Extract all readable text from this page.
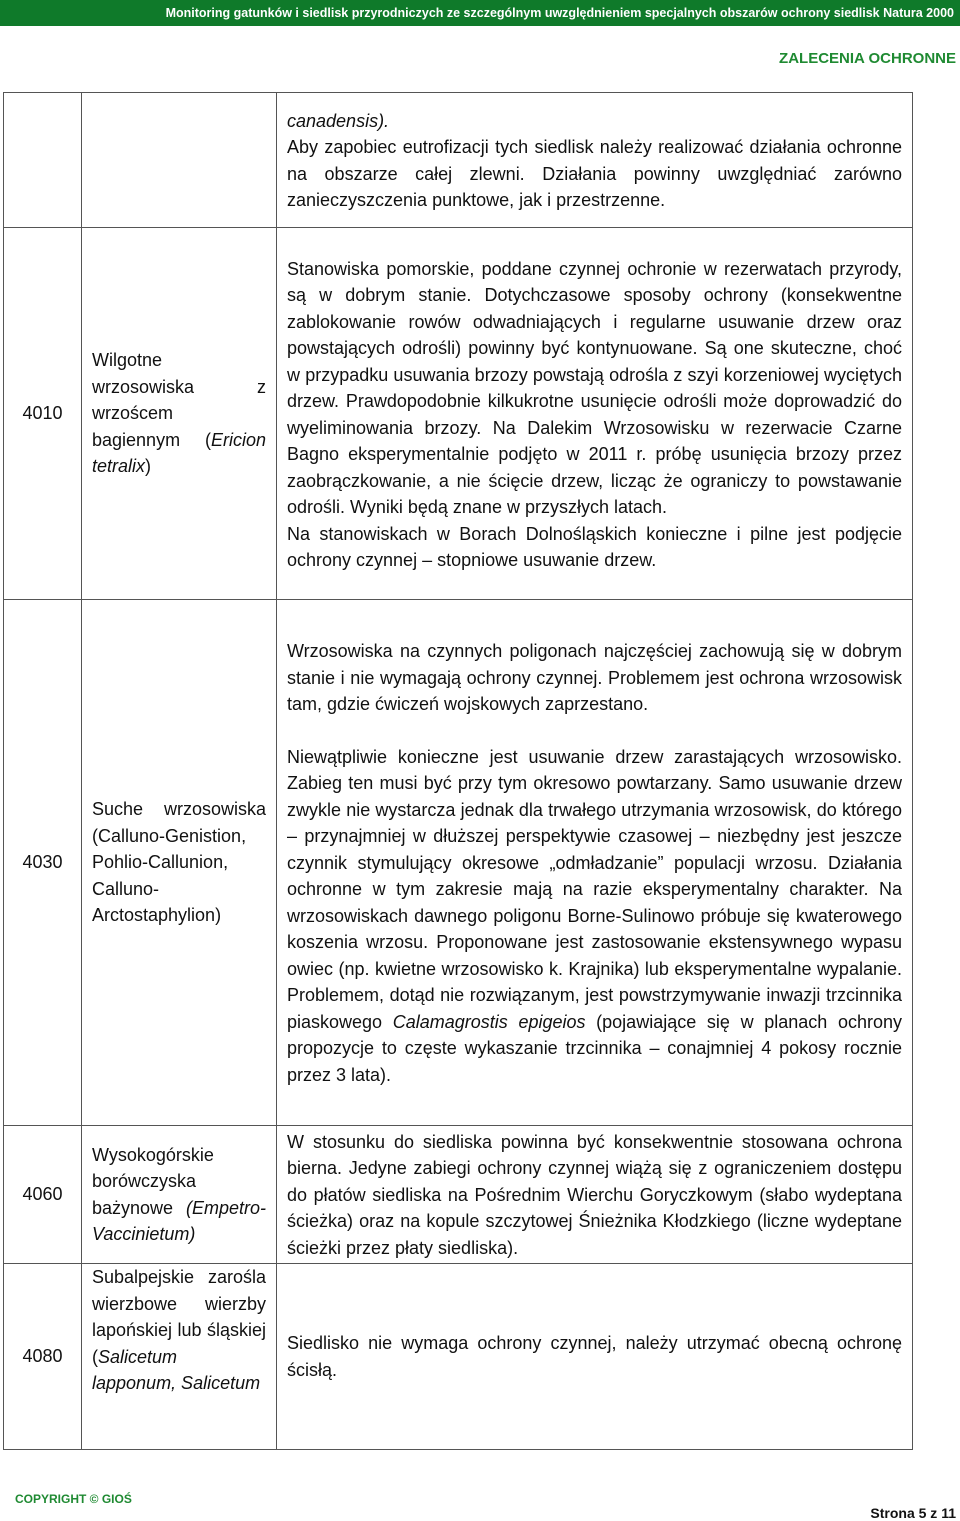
Monitoring gatunków i siedlisk przyrodniczych ze szczególnym uwzględnieniem specjalnych obszarów ochrony siedlisk Natura 2000
ZALECENIA OCHRONNE

		canadensis).

Aby zapobiec eutrofizacji tych siedlisk należy realizować działania ochronne na obszarze całej zlewni. Działania powinny uwzględniać zarówno zanieczyszczenia punktowe, jak i przestrzenne.

4010	Wilgotne wrzosowiska z wrzoścem bagiennym (Ericion tetralix)	Stanowiska pomorskie, poddane czynnej ochronie w rezerwatach przyrody, są w dobrym stanie. Dotychczasowe sposoby ochrony (konsekwentne zablokowanie rowów odwadniających i regularne usuwanie drzew oraz powstających odrośli) powinny być kontynuowane. Są one skuteczne, choć w przypadku usuwania brzozy powstają odrośla z szyi korzeniowej wyciętych drzew. Prawdopodobnie kilkukrotne usunięcie odrośli może doprowadzić do wyeliminowania brzozy. Na Dalekim Wrzosowisku w rezerwacie Czarne Bagno eksperymentalnie podjęto w 2011 r. próbę usunięcia brzozy przez zaobrączkowanie, a nie ścięcie drzew, licząc że ograniczy to powstawanie odrośli. Wyniki będą znane w przyszłych latach.

Na stanowiskach w Borach Dolnośląskich konieczne i pilne jest podjęcie ochrony czynnej – stopniowe usuwanie drzew.

4030	Suche wrzosowiska (Calluno-Genistion, Pohlio-Callunion, Calluno-Arctostaphylion)	Wrzosowiska na czynnych poligonach najczęściej zachowują się w dobrym stanie i nie wymagają ochrony czynnej. Problemem jest ochrona wrzosowisk tam, gdzie ćwiczeń wojskowych zaprzestano.

Niewątpliwie konieczne jest usuwanie drzew zarastających wrzosowisko. Zabieg ten musi być przy tym okresowo powtarzany. Samo usuwanie drzew zwykle nie wystarcza jednak dla trwałego utrzymania wrzosowisk, do którego – przynajmniej w dłuższej perspektywie czasowej – niezbędny jest jeszcze czynnik stymulujący okresowe „odmładzanie” populacji wrzosu. Działania ochronne w tym zakresie mają na razie eksperymentalny charakter. Na wrzosowiskach dawnego poligonu Borne-Sulinowo próbuje się kwaterowego koszenia wrzosu. Proponowane jest zastosowanie ekstensywnego wypasu owiec (np. kwietne wrzosowisko k. Krajnika) lub eksperymentalne wypalanie. Problemem, dotąd nie rozwiązanym, jest powstrzymywanie inwazji trzcinnika piaskowego Calamagrostis epigeios (pojawiające się w planach ochrony propozycje to częste wykaszanie trzcinnika – conajmniej 4 pokosy rocznie przez 3 lata).

4060	Wysokogórskie borówczyska bażynowe (Empetro-Vaccinietum)	W stosunku do siedliska powinna być konsekwentnie stosowana ochrona bierna. Jedyne zabiegi ochrony czynnej wiążą się z ograniczeniem dostępu do płatów siedliska na Pośrednim Wierchu Goryczkowym (słabo wydeptana ścieżka) oraz na kopule szczytowej Śnieżnika Kłodzkiego (liczne wydeptane ścieżki przez płaty siedliska).

4080	Subalpejskie zarośla wierzbowe wierzby lapońskiej lub śląskiej (Salicetum lapponum, Salicetum	Siedlisko nie wymaga ochrony czynnej, należy utrzymać obecną ochronę ścisłą.

COPYRIGHT © GIOŚ
Strona 5 z 11
